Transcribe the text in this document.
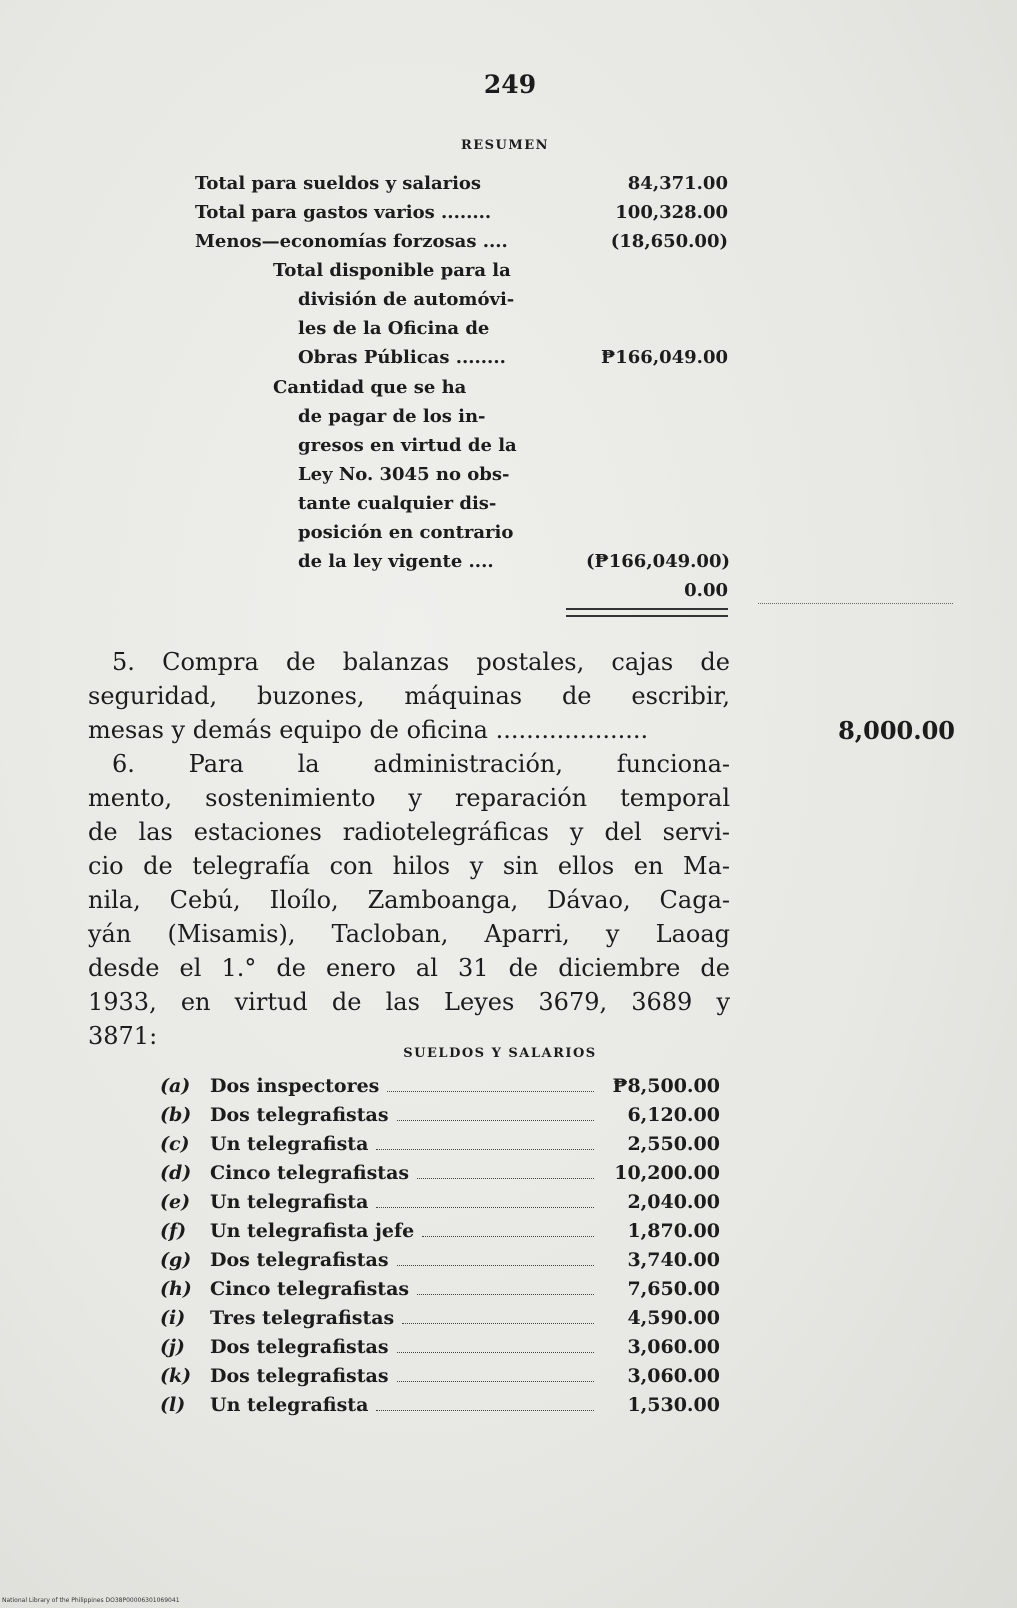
249
RESUMEN
Total para sueldos y salarios	84,371.00
Total para gastos varios ........	100,328.00
Menos—economías forzosas ....	(18,650.00)
Total disponible para la
división de automóvi-
les de la Oficina de
Obras Públicas ........	₱166,049.00
Cantidad que se ha
de pagar de los in-
gresos en virtud de la
Ley No. 3045 no obs-
tante cualquier dis-
posición en contrario
de la ley vigente ....	(₱166,049.00)
0.00
5. Compra de balanzas postales, cajas de
seguridad, buzones, máquinas de escribir,
mesas y demás equipo de oficina ....................	8,000.00
6. Para la administración, funciona-
mento, sostenimiento y reparación temporal
de las estaciones radiotelegráficas y del servi-
cio de telegrafía con hilos y sin ellos en Ma-
nila, Cebú, Iloílo, Zamboanga, Dávao, Caga-
yán (Misamis), Tacloban, Aparri, y Laoag
desde el 1.° de enero al 31 de diciembre de
1933, en virtud de las Leyes 3679, 3689 y
3871:
SUELDOS Y SALARIOS
(a)	Dos inspectores	₱8,500.00
(b) Dos telegrafistas	6,120.00
(c)	Un telegrafista	2,550.00
(d) Cinco telegrafistas	10,200.00
(e)	Un telegrafista	2,040.00
(f)	Un telegrafista jefe	1,870.00
(g) Dos telegrafistas	3,740.00
(h) Cinco telegrafistas	7,650.00
(i)	Tres telegrafistas	4,590.00
(j)	Dos telegrafistas	3,060.00
(k) Dos telegrafistas	3,060.00
(l)	Un telegrafista	1,530.00
National Library of the Philippines DO38P00006301069041
